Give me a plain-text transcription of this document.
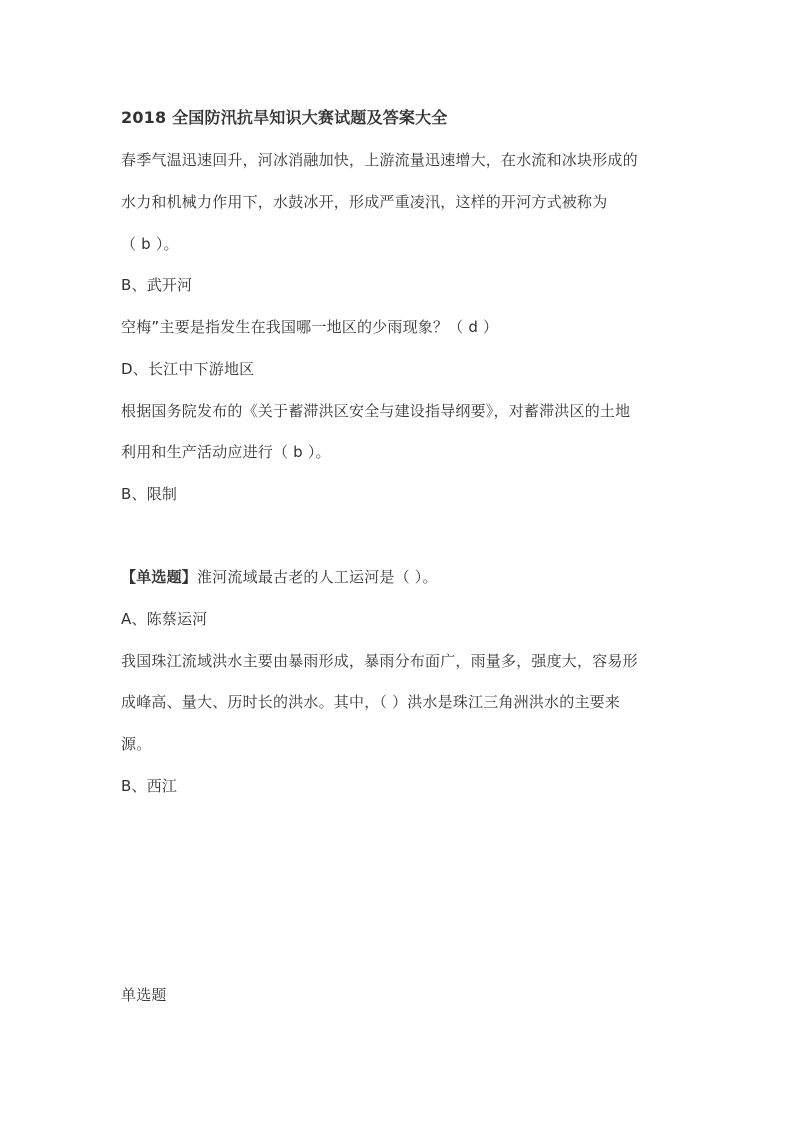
2018 全国防汛抗旱知识大赛试题及答案大全
春季气温迅速回升，河冰消融加快，上游流量迅速增大，在水流和冰块形成的
水力和机械力作用下，水鼓冰开，形成严重凌汛，这样的开河方式被称为
（ b ）。
B、武开河
空梅”主要是指发生在我国哪一地区的少雨现象？（ d ）
D、长江中下游地区
根据国务院发布的《关于蓄滞洪区安全与建设指导纲要》，对蓄滞洪区的土地
利用和生产活动应进行（ b ）。
B、限制
【单选题】淮河流域最古老的人工运河是（ ）。
A、陈蔡运河
我国珠江流域洪水主要由暴雨形成，暴雨分布面广，雨量多，强度大，容易形
成峰高、量大、历时长的洪水。其中，（ ）洪水是珠江三角洲洪水的主要来
源。
B、西江
单选题
